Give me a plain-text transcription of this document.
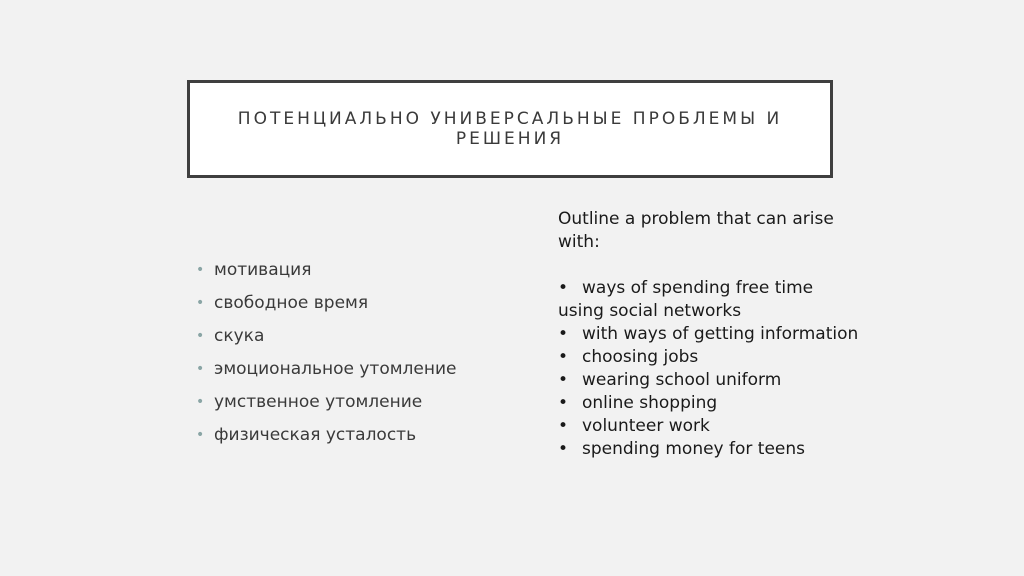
ПОТЕНЦИАЛЬНО УНИВЕРСАЛЬНЫЕ ПРОБЛЕМЫ И РЕШЕНИЯ
• мотивация
• свободное время
• скука
• эмоциональное утомление
• умственное утомление
• физическая усталость

Outline a problem that can arise

with:

• ways of spending free time

using social networks

• with ways of getting information

• choosing jobs

• wearing school uniform

• online shopping

• volunteer work

• spending money for teens
